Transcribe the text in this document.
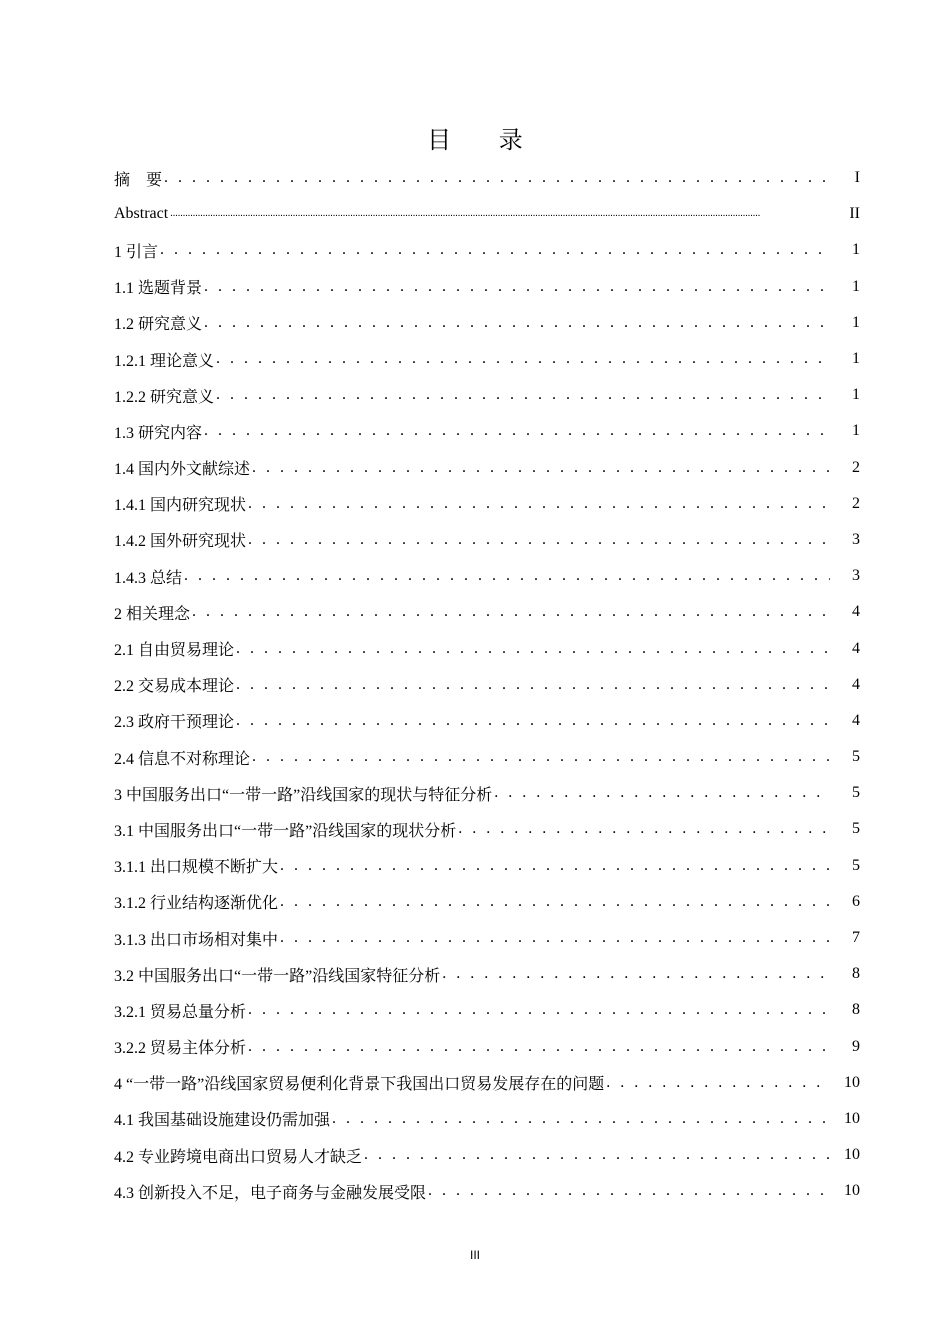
目 录
摘　要 . . .	I
Abstract .....	II
1 引言 . . .	1
1.1 选题背景 . . .	1
1.2 研究意义 . . .	1
1.2.1 理论意义 . . .	1
1.2.2 研究意义 . . .	1
1.3 研究内容 . . .	1
1.4 国内外文献综述 . . .	2
1.4.1 国内研究现状 . . .	2
1.4.2 国外研究现状 . . .	3
1.4.3 总结 . . .	3
2 相关理念 . . .	4
2.1 自由贸易理论 . . .	4
2.2 交易成本理论 . . .	4
2.3 政府干预理论 . . .	4
2.4 信息不对称理论 . . .	5
3 中国服务出口“一带一路”沿线国家的现状与特征分析 . . .	5
3.1 中国服务出口“一带一路”沿线国家的现状分析 . . .	5
3.1.1 出口规模不断扩大 . . .	5
3.1.2 行业结构逐渐优化 . . .	6
3.1.3 出口市场相对集中 . . .	7
3.2 中国服务出口“一带一路”沿线国家特征分析 . . .	8
3.2.1 贸易总量分析 . . .	8
3.2.2 贸易主体分析 . . .	9
4 “一带一路”沿线国家贸易便利化背景下我国出口贸易发展存在的问题 . . .	10
4.1 我国基础设施建设仍需加强 . . .	10
4.2 专业跨境电商出口贸易人才缺乏 . . .	10
4.3 创新投入不足，电子商务与金融发展受限 . . .	10
III
